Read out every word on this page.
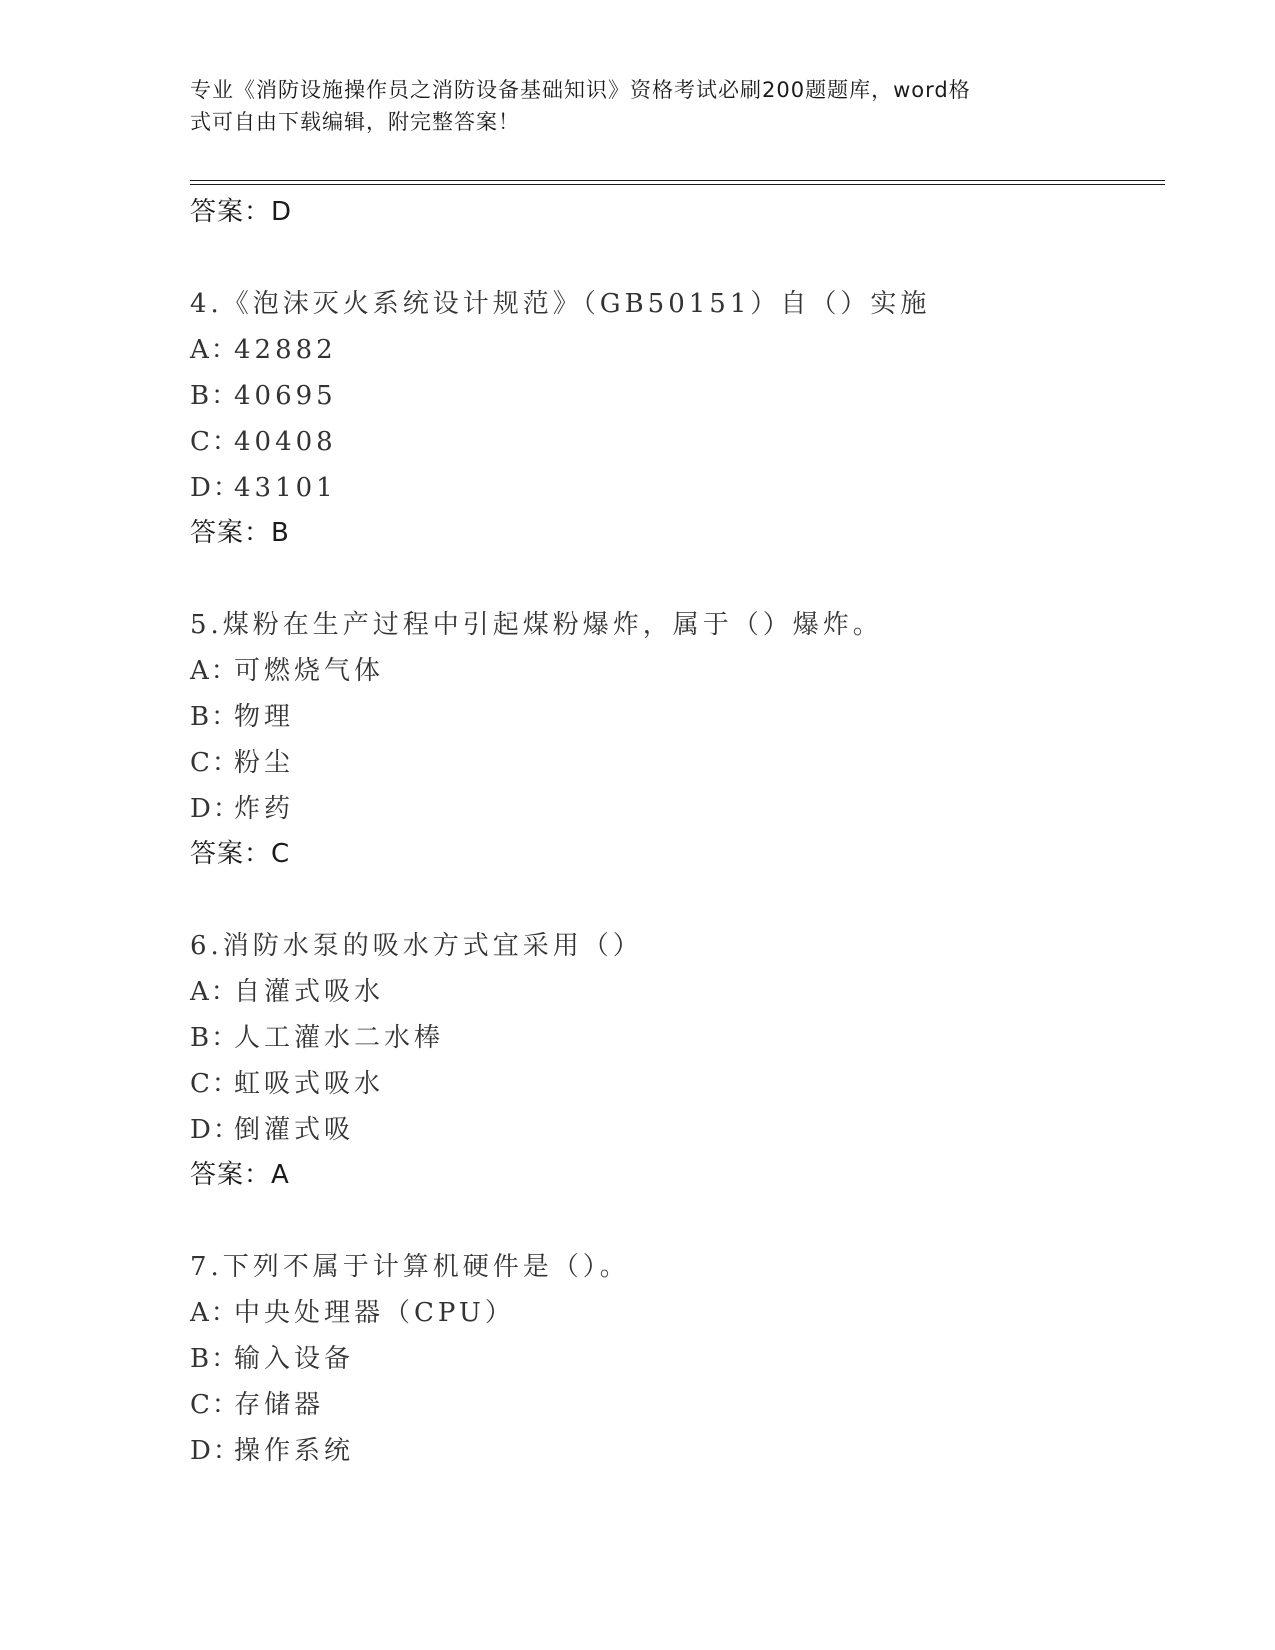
专业《消防设施操作员之消防设备基础知识》资格考试必刷200题题库，word格
式可自由下载编辑，附完整答案！
答案：D
4.《泡沫灭火系统设计规范》（GB50151）自（）实施
A：42882
B：40695
C：40408
D：43101
答案：B
5.煤粉在生产过程中引起煤粉爆炸，属于（）爆炸。
A：可燃烧气体
B：物理
C：粉尘
D：炸药
答案：C
6.消防水泵的吸水方式宜采用（）
A：自灌式吸水
B：人工灌水二水棒
C：虹吸式吸水
D：倒灌式吸
答案：A
7.下列不属于计算机硬件是（）。
A：中央处理器（CPU）
B：输入设备
C：存储器
D：操作系统
